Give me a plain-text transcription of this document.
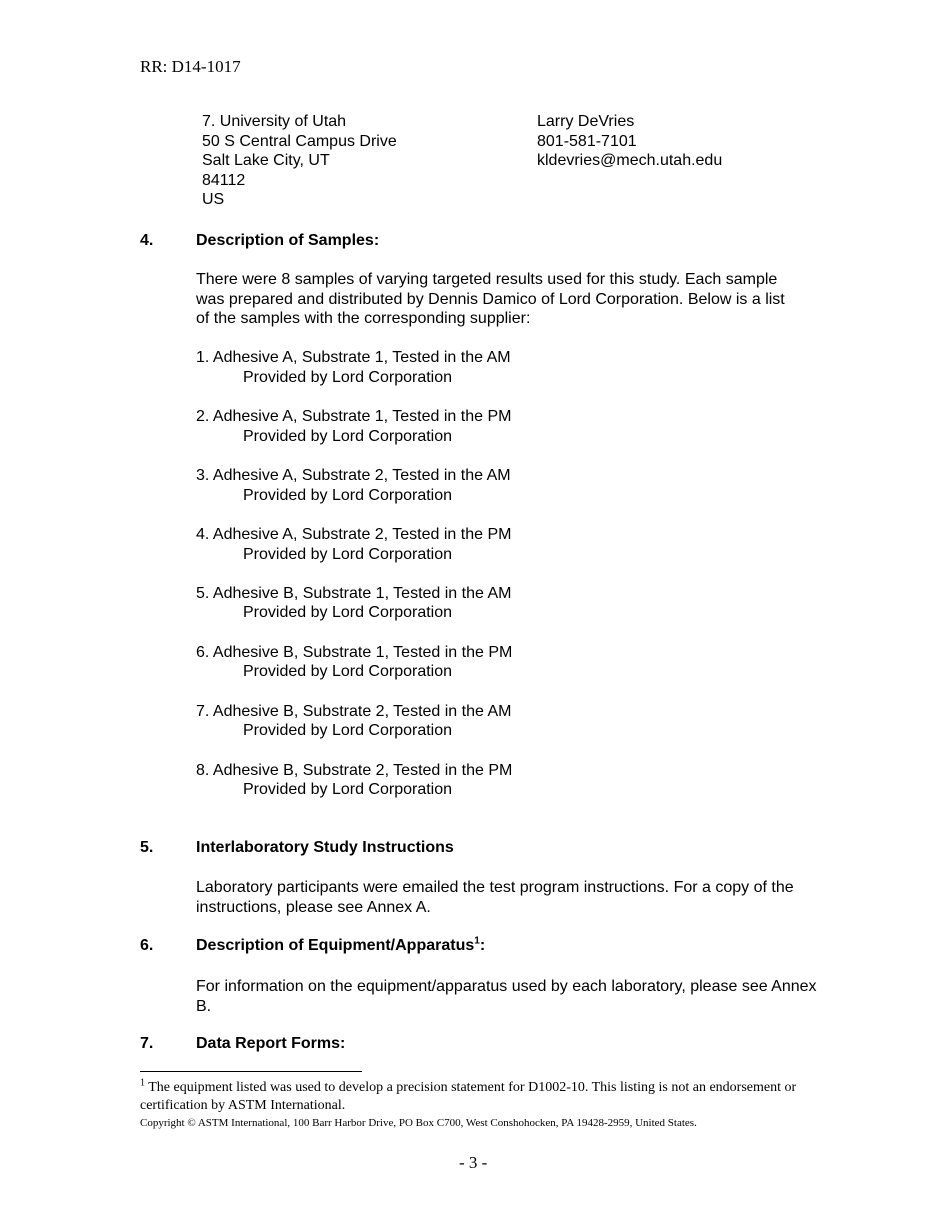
RR: D14-1017
7. University of Utah
50 S Central Campus Drive
Salt Lake City, UT
84112
US
Larry DeVries
801-581-7101
kldevries@mech.utah.edu
4.	Description of Samples:
There were 8 samples of varying targeted results used for this study. Each sample was prepared and distributed by Dennis Damico of Lord Corporation. Below is a list of the samples with the corresponding supplier:
1. Adhesive A, Substrate 1, Tested in the AM
Provided by Lord Corporation
2. Adhesive A, Substrate 1, Tested in the PM
Provided by Lord Corporation
3. Adhesive A, Substrate 2, Tested in the AM
Provided by Lord Corporation
4. Adhesive A, Substrate 2, Tested in the PM
Provided by Lord Corporation
5. Adhesive B, Substrate 1, Tested in the AM
Provided by Lord Corporation
6. Adhesive B, Substrate 1, Tested in the PM
Provided by Lord Corporation
7. Adhesive B, Substrate 2, Tested in the AM
Provided by Lord Corporation
8. Adhesive B, Substrate 2, Tested in the PM
Provided by Lord Corporation
5.	Interlaboratory Study Instructions
Laboratory participants were emailed the test program instructions. For a copy of the instructions, please see Annex A.
6.	Description of Equipment/Apparatus$^1$:
For information on the equipment/apparatus used by each laboratory, please see Annex B.
7.	Data Report Forms:
$^1$ The equipment listed was used to develop a precision statement for D1002-10. This listing is not an endorsement or certification by ASTM International.
Copyright © ASTM International, 100 Barr Harbor Drive, PO Box C700, West Conshohocken, PA 19428-2959, United States.
- 3 -
